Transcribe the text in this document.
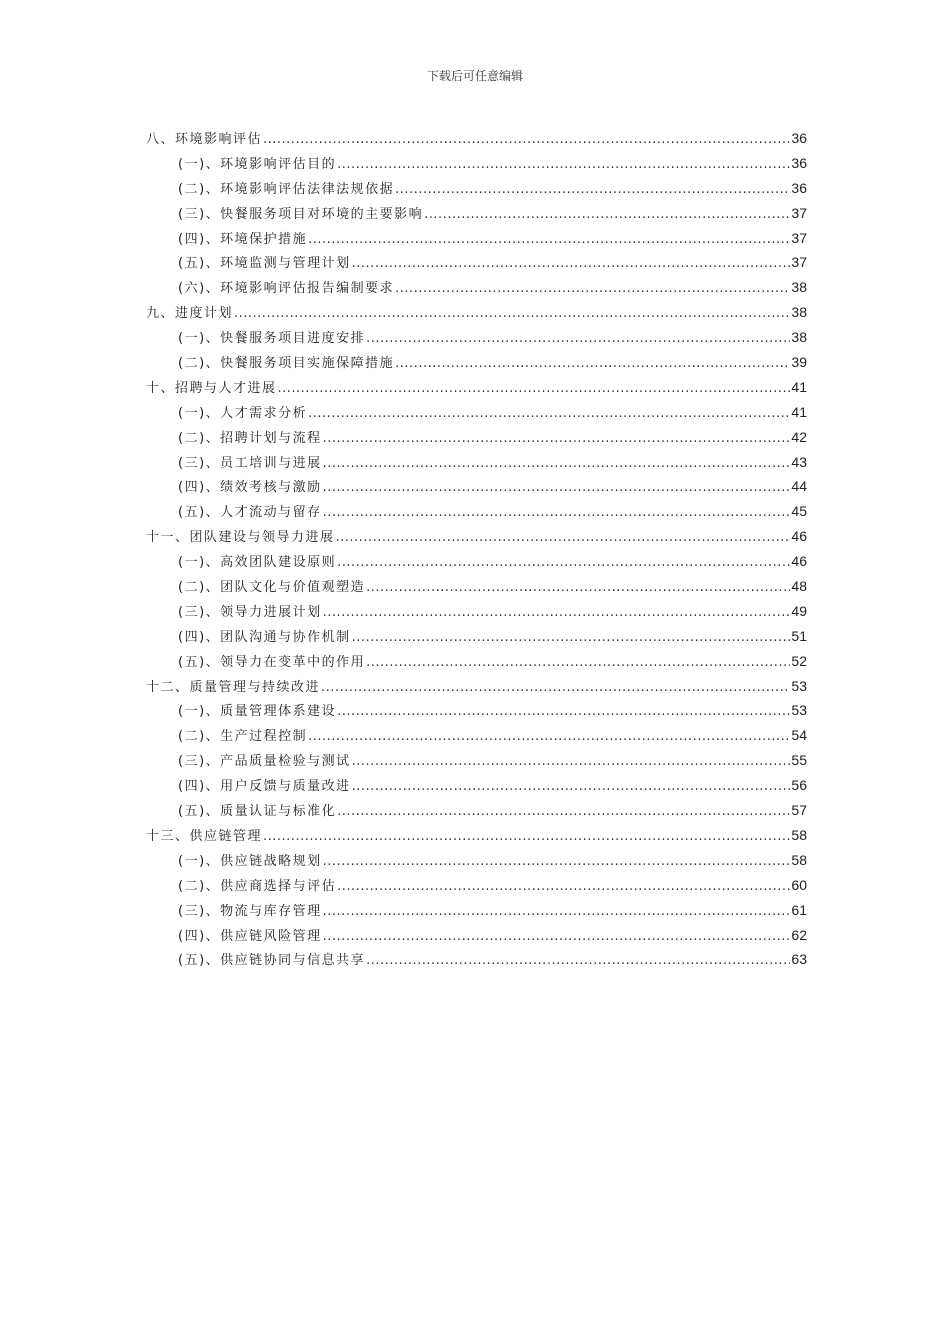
下载后可任意编辑
八、环境影响评估 .....	36
(一)、环境影响评估目的 .....	36
(二)、环境影响评估法律法规依据 .....	36
(三)、快餐服务项目对环境的主要影响 .....	37
(四)、环境保护措施 .....	37
(五)、环境监测与管理计划 .....	37
(六)、环境影响评估报告编制要求 .....	38
九、进度计划 .....	38
(一)、快餐服务项目进度安排 .....	38
(二)、快餐服务项目实施保障措施 .....	39
十、招聘与人才进展 .....	41
(一)、人才需求分析 .....	41
(二)、招聘计划与流程 .....	42
(三)、员工培训与进展 .....	43
(四)、绩效考核与激励 .....	44
(五)、人才流动与留存 .....	45
十一、团队建设与领导力进展 .....	46
(一)、高效团队建设原则 .....	46
(二)、团队文化与价值观塑造 .....	48
(三)、领导力进展计划 .....	49
(四)、团队沟通与协作机制 .....	51
(五)、领导力在变革中的作用 .....	52
十二、质量管理与持续改进 .....	53
(一)、质量管理体系建设 .....	53
(二)、生产过程控制 .....	54
(三)、产品质量检验与测试 .....	55
(四)、用户反馈与质量改进 .....	56
(五)、质量认证与标准化 .....	57
十三、供应链管理 .....	58
(一)、供应链战略规划 .....	58
(二)、供应商选择与评估 .....	60
(三)、物流与库存管理 .....	61
(四)、供应链风险管理 .....	62
(五)、供应链协同与信息共享 .....	63
